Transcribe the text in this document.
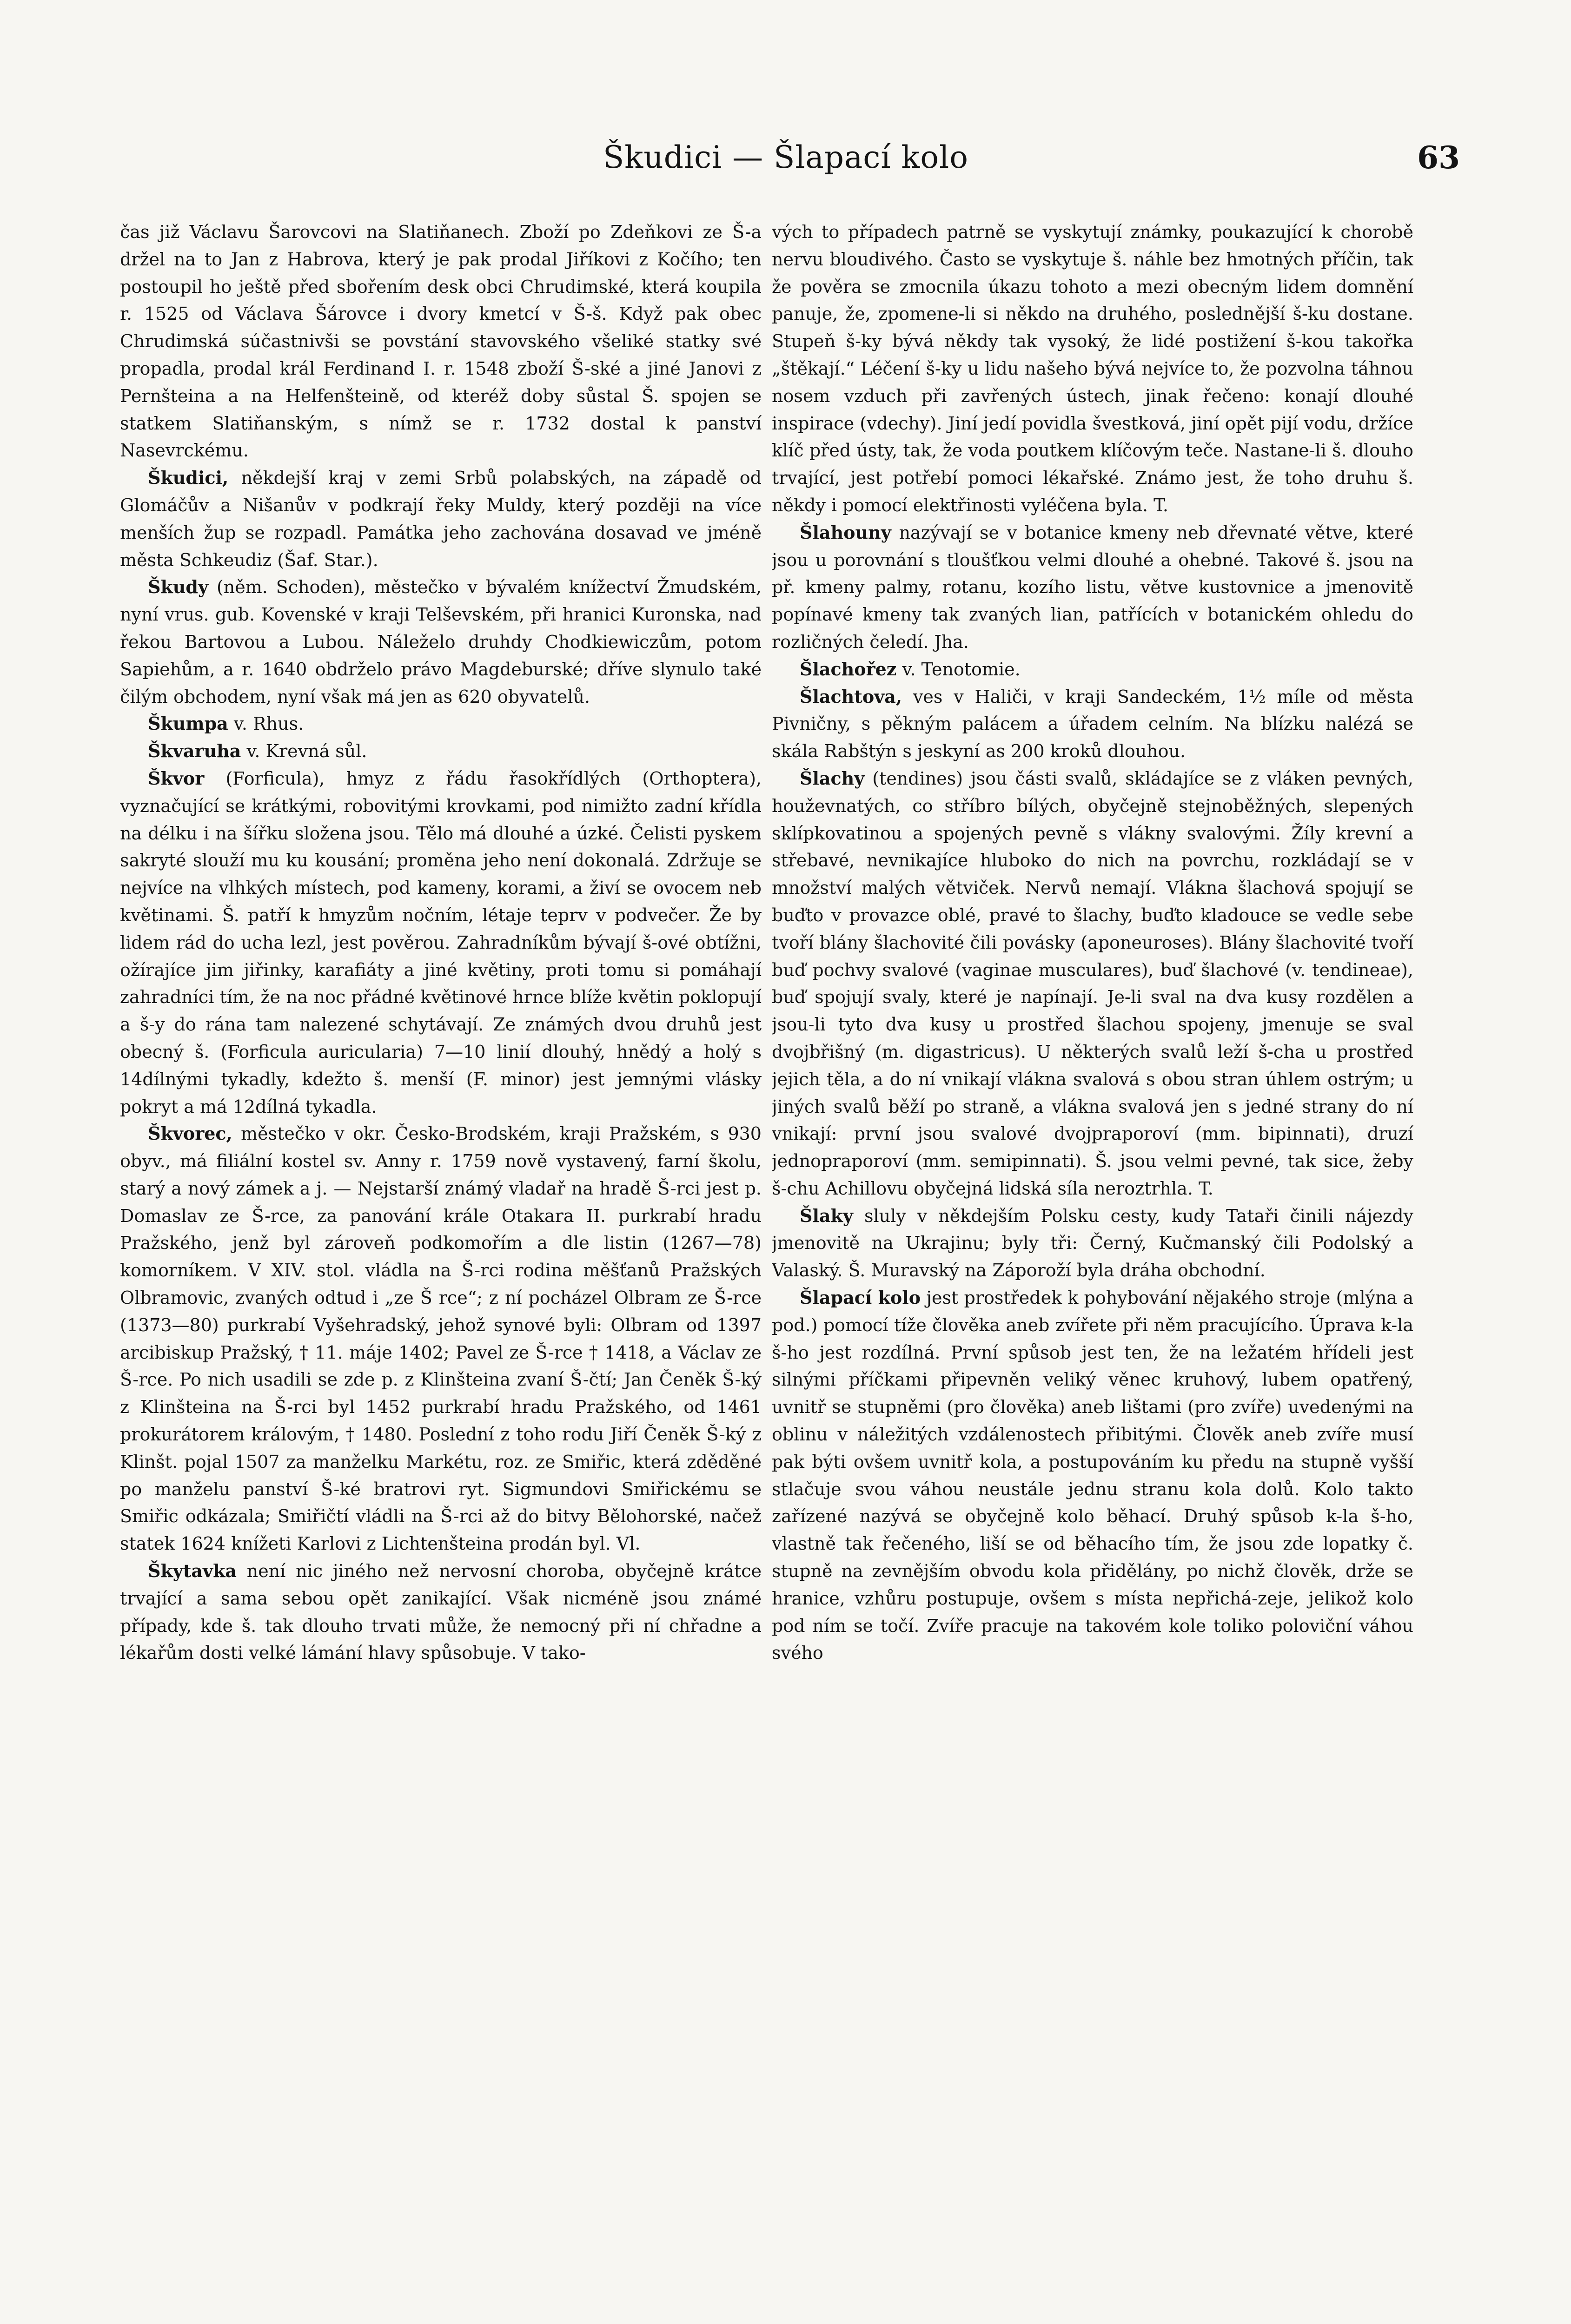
Škudici — Šlapací kolo	63

čas již Václavu Šarovcovi na Slatiňanech. Zboží po Zdeňkovi ze Š-a držel na to Jan z Habrova, který je pak prodal Jiříkovi z Kočího; ten postoupil ho ještě před sbořením desk obci Chrudimské, která koupila r. 1525 od Václava Šárovce i dvory kmetcí v Š-š. Když pak obec Chrudimská súčastnivši se povstání stavovského všeliké statky své propadla, prodal král Ferdinand I. r. 1548 zboží Š-ské a jiné Janovi z Pernšteina a na Helfenšteině, od kteréž doby sůstal Š. spojen se statkem Slatiňanským, s nímž se r. 1732 dostal k panství Nasevrckému.

Škudici, někdejší kraj v zemi Srbů polabských, na západě od Glomáčův a Nišanův v podkrají řeky Muldy, který později na více menších žup se rozpadl. Památka jeho zachována dosavad ve jméně města Schkeudiz (Šaf. Star.).

Škudy (něm. Schoden), městečko v bývalém knížectví Žmudském, nyní vrus. gub. Kovenské v kraji Telševském, při hranici Kuronska, nad řekou Bartovou a Lubou. Náleželo druhdy Chodkiewiczům, potom Sapiehům, a r. 1640 obdrželo právo Magdeburské; dříve slynulo také čilým obchodem, nyní však má jen as 620 obyvatelů.

Škumpa v. Rhus.

Škvaruha v. Krevná sůl.

Škvor (Forficula), hmyz z řádu řasokřídlých (Orthoptera), vyznačující se krátkými, robovitými krovkami, pod nimižto zadní křídla na délku i na šířku složena jsou. Tělo má dlouhé a úzké. Čelisti pyskem sakryté slouží mu ku kousání; proměna jeho není dokonalá. Zdržuje se nejvíce na vlhkých místech, pod kameny, korami, a živí se ovocem neb květinami. Š. patří k hmyzům nočním, létaje teprv v podvečer. Že by lidem rád do ucha lezl, jest pověrou. Zahradníkům bývají š-ové obtížni, ožírajíce jim jiřinky, karafiáty a jiné květiny, proti tomu si pomáhají zahradníci tím, že na noc přádné květinové hrnce blíže květin poklopují a š-y do rána tam nalezené schytávají. Ze známých dvou druhů jest obecný š. (Forficula auricularia) 7—10 linií dlouhý, hnědý a holý s 14dílnými tykadly, kdežto š. menší (F. minor) jest jemnými vlásky pokryt a má 12dílná tykadla.

Škvorec, městečko v okr. Česko-Brodském, kraji Pražském, s 930 obyv., má filiální kostel sv. Anny r. 1759 nově vystavený, farní školu, starý a nový zámek a j. — Nejstarší známý vladař na hradě Š-rci jest p. Domaslav ze Š-rce, za panování krále Otakara II. purkrabí hradu Pražského, jenž byl zároveň podkomořím a dle listin (1267—78) komorníkem. V XIV. stol. vládla na Š-rci rodina měšťanů Pražských Olbramovic, zvaných odtud i „ze Š rce“; z ní pocházel Olbram ze Š-rce (1373—80) purkrabí Vyšehradský, jehož synové byli: Olbram od 1397 arcibiskup Pražský, † 11. máje 1402; Pavel ze Š-rce † 1418, a Václav ze Š-rce. Po nich usadili se zde p. z Klinšteina zvaní Š-čtí; Jan Čeněk Š-ký z Klinšteina na Š-rci byl 1452 purkrabí hradu Pražského, od 1461 prokurátorem královým, † 1480. Poslední z toho rodu Jiří Čeněk Š-ký z Klinšt. pojal 1507 za manželku Markétu, roz. ze Smiřic, která zděděné po manželu panství Š-ké bratrovi ryt. Sigmundovi Smiřickému se Smiřic odkázala; Smiřičtí vládli na Š-rci až do bitvy Bělohorské, načež statek 1624 knížeti Karlovi z Lichtenšteina prodán byl. Vl.

Škytavka není nic jiného než nervosní choroba, obyčejně krátce trvající a sama sebou opět zanikající. Však nicméně jsou známé případy, kde š. tak dlouho trvati může, že nemocný při ní chřadne a lékařům dosti velké lámání hlavy spůsobuje. V tako-

vých to případech patrně se vyskytují známky, poukazující k chorobě nervu bloudivého. Často se vyskytuje š. náhle bez hmotných příčin, tak že pověra se zmocnila úkazu tohoto a mezi obecným lidem domnění panuje, že, zpomene-li si někdo na druhého, poslednější š-ku dostane. Stupeň š-ky bývá někdy tak vysoký, že lidé postižení š-kou takořka „štěkají.“ Léčení š-ky u lidu našeho bývá nejvíce to, že pozvolna táhnou nosem vzduch při zavřených ústech, jinak řečeno: konají dlouhé inspirace (vdechy). Jiní jedí povidla švestková, jiní opět pijí vodu, držíce klíč před ústy, tak, že voda poutkem klíčovým teče. Nastane-li š. dlouho trvající, jest potřebí pomoci lékařské. Známo jest, že toho druhu š. někdy i pomocí elektřinosti vyléčena byla. T.

Šlahouny nazývají se v botanice kmeny neb dřevnaté větve, které jsou u porovnání s tloušťkou velmi dlouhé a ohebné. Takové š. jsou na př. kmeny palmy, rotanu, kozího listu, větve kustovnice a jmenovitě popínavé kmeny tak zvaných lian, patřících v botanickém ohledu do rozličných čeledí. Jha.

Šlachořez v. Tenotomie.

Šlachtova, ves v Haliči, v kraji Sandeckém, 1½ míle od města Pivničny, s pěkným palácem a úřadem celním. Na blízku nalézá se skála Rabštýn s jeskyní as 200 kroků dlouhou.

Šlachy (tendines) jsou části svalů, skládajíce se z vláken pevných, houževnatých, co stříbro bílých, obyčejně stejnoběžných, slepených sklípkovatinou a spojených pevně s vlákny svalovými. Žíly krevní a střebavé, nevnikajíce hluboko do nich na povrchu, rozkládají se v množství malých větviček. Nervů nemají. Vlákna šlachová spojují se buďto v provazce oblé, pravé to šlachy, buďto kladouce se vedle sebe tvoří blány šlachovité čili povásky (aponeuroses). Blány šlachovité tvoří buď pochvy svalové (vaginae musculares), buď šlachové (v. tendineae), buď spojují svaly, které je napínají. Je-li sval na dva kusy rozdělen a jsou-li tyto dva kusy u prostřed šlachou spojeny, jmenuje se sval dvojbřišný (m. digastricus). U některých svalů leží š-cha u prostřed jejich těla, a do ní vnikají vlákna svalová s obou stran úhlem ostrým; u jiných svalů běží po straně, a vlákna svalová jen s jedné strany do ní vnikají: první jsou svalové dvojpraporoví (mm. bipinnati), druzí jednopraporoví (mm. semipinnati). Š. jsou velmi pevné, tak sice, žeby š-chu Achillovu obyčejná lidská síla neroztrhla. T.

Šlaky sluly v někdejším Polsku cesty, kudy Tataři činili nájezdy jmenovitě na Ukrajinu; byly tři: Černý, Kučmanský čili Podolský a Valaský. Š. Muravský na Záporoží byla dráha obchodní.

Šlapací kolo jest prostředek k pohybování nějakého stroje (mlýna a pod.) pomocí tíže člověka aneb zvířete při něm pracujícího. Úprava k-la š-ho jest rozdílná. První spůsob jest ten, že na ležatém hřídeli jest silnými příčkami připevněn veliký věnec kruhový, lubem opatřený, uvnitř se stupněmi (pro člověka) aneb lištami (pro zvíře) uvedenými na oblinu v náležitých vzdálenostech přibitými. Člověk aneb zvíře musí pak býti ovšem uvnitř kola, a postupováním ku předu na stupně vyšší stlačuje svou váhou neustále jednu stranu kola dolů. Kolo takto zařízené nazývá se obyčejně kolo běhací. Druhý spůsob k-la š-ho, vlastně tak řečeného, liší se od běhacího tím, že jsou zde lopatky č. stupně na zevnějším obvodu kola přidělány, po nichž člověk, drže se hranice, vzhůru postupuje, ovšem s místa nepřichá-zeje, jelikož kolo pod ním se točí. Zvíře pracuje na takovém kole toliko poloviční váhou svého
